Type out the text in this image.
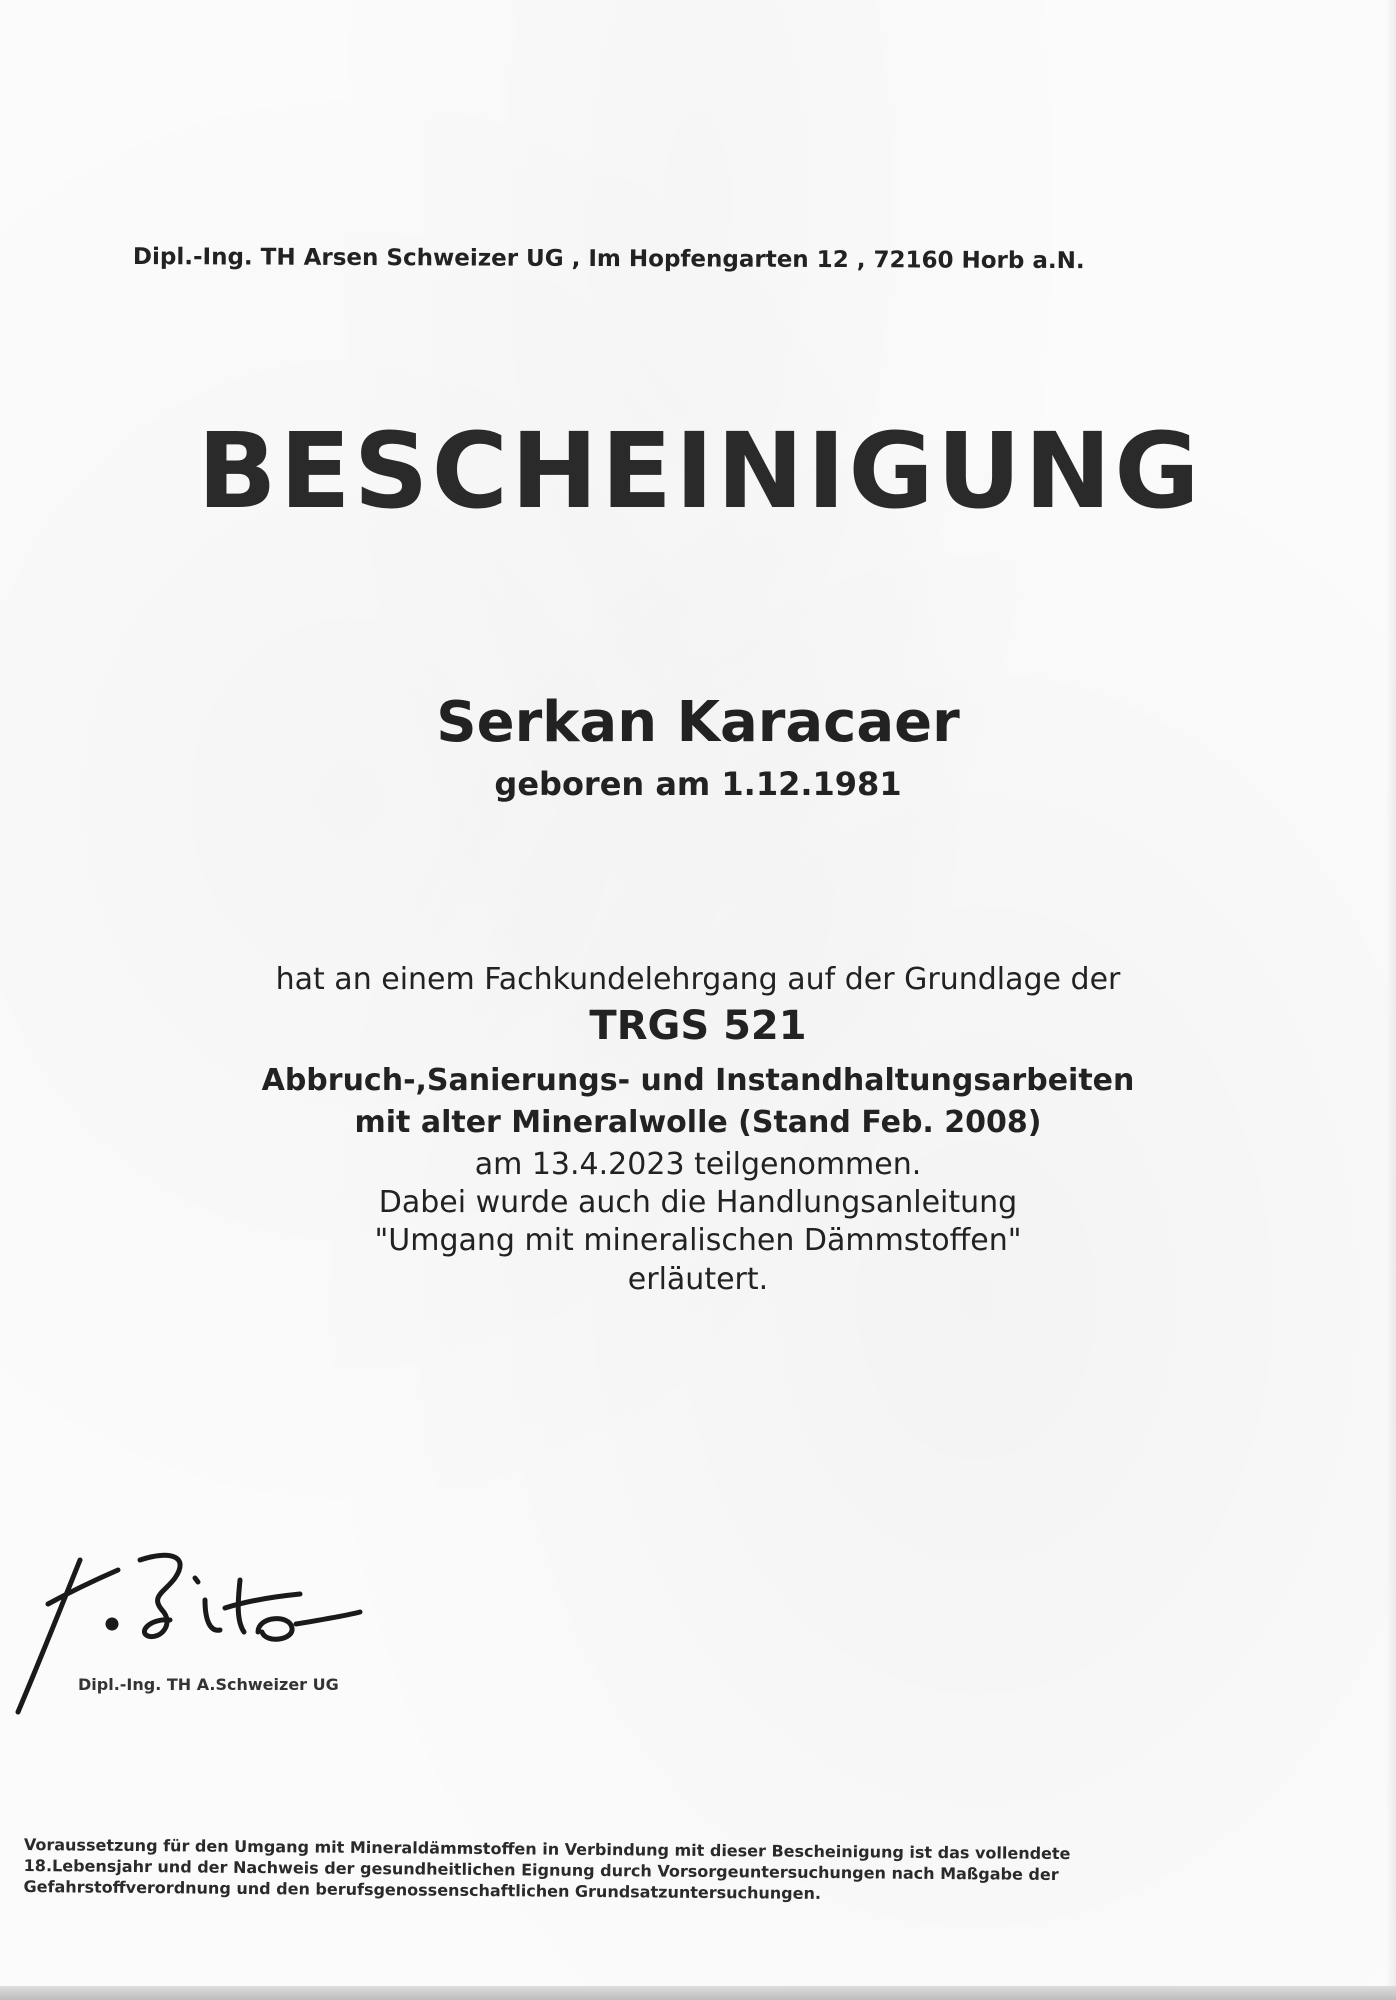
Dipl.-Ing. TH Arsen Schweizer UG , Im Hopfengarten 12 , 72160 Horb a.N.
BESCHEINIGUNG
Serkan Karacaer
geboren am 1.12.1981
hat an einem Fachkundelehrgang auf der Grundlage der
TRGS 521
Abbruch-,Sanierungs- und Instandhaltungsarbeiten
mit alter Mineralwolle (Stand Feb. 2008)
am 13.4.2023 teilgenommen.
Dabei wurde auch die Handlungsanleitung
"Umgang mit mineralischen Dämmstoffen"
erläutert.
Dipl.-Ing. TH A.Schweizer UG
Voraussetzung für den Umgang mit Mineraldämmstoffen in Verbindung mit dieser Bescheinigung ist das vollendete
18.Lebensjahr und der Nachweis der gesundheitlichen Eignung durch Vorsorgeuntersuchungen nach Maßgabe der
Gefahrstoffverordnung und den berufsgenossenschaftlichen Grundsatzuntersuchungen.
